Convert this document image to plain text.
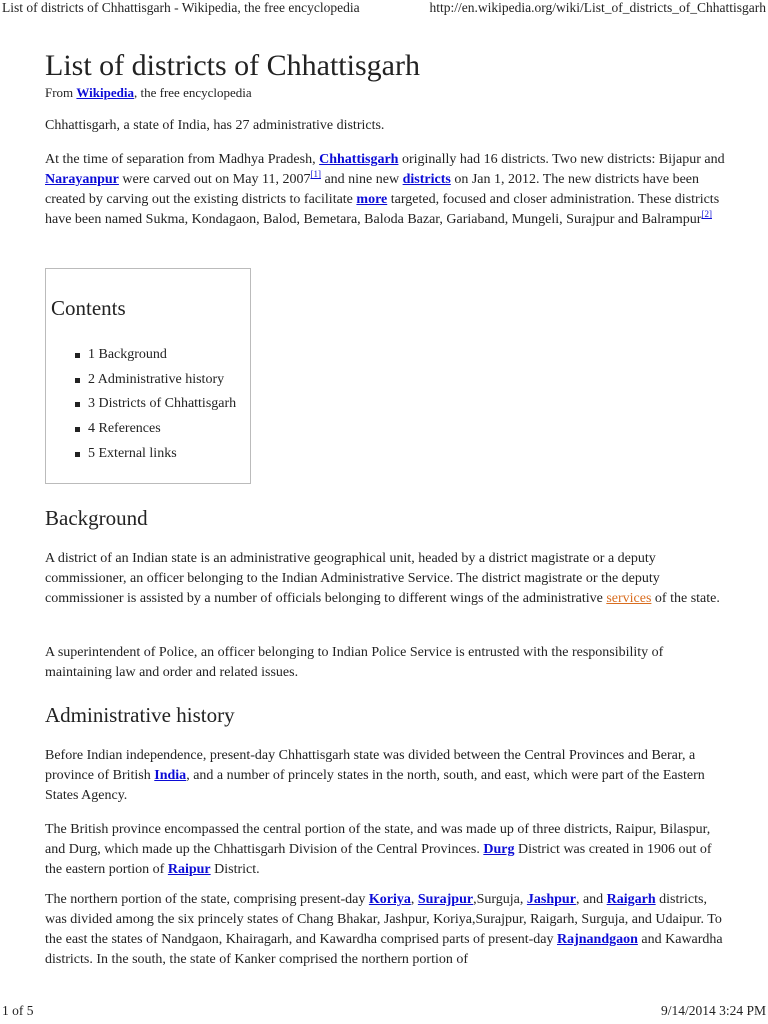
List of districts of Chhattisgarh - Wikipedia, the free encyclopedia	http://en.wikipedia.org/wiki/List_of_districts_of_Chhattisgarh
List of districts of Chhattisgarh
From Wikipedia, the free encyclopedia

Chhattisgarh, a state of India, has 27 administrative districts.

At the time of separation from Madhya Pradesh, Chhattisgarh originally had 16 districts. Two new districts: Bijapur and Narayanpur were carved out on May 11, 2007[1] and nine new districts on Jan 1, 2012. The new districts have been created by carving out the existing districts to facilitate more targeted, focused and closer administration. These districts have been named Sukma, Kondagaon, Balod, Bemetara, Baloda Bazar, Gariaband, Mungeli, Surajpur and Balrampur[2]

Contents
1 Background
2 Administrative history
3 Districts of Chhattisgarh
4 References
5 External links
Background

A district of an Indian state is an administrative geographical unit, headed by a district magistrate or a deputy commissioner, an officer belonging to the Indian Administrative Service. The district magistrate or the deputy commissioner is assisted by a number of officials belonging to different wings of the administrative services of the state.

A superintendent of Police, an officer belonging to Indian Police Service is entrusted with the responsibility of maintaining law and order and related issues.

Administrative history

Before Indian independence, present-day Chhattisgarh state was divided between the Central Provinces and Berar, a province of British India, and a number of princely states in the north, south, and east, which were part of the Eastern States Agency.

The British province encompassed the central portion of the state, and was made up of three districts, Raipur, Bilaspur, and Durg, which made up the Chhattisgarh Division of the Central Provinces. Durg District was created in 1906 out of the eastern portion of Raipur District.

The northern portion of the state, comprising present-day Koriya, Surajpur,Surguja, Jashpur, and Raigarh districts, was divided among the six princely states of Chang Bhakar, Jashpur, Koriya,Surajpur, Raigarh, Surguja, and Udaipur. To the east the states of Nandgaon, Khairagarh, and Kawardha comprised parts of present-day Rajnandgaon and Kawardha districts. In the south, the state of Kanker comprised the northern portion of

1 of 5	9/14/2014 3:24 PM
